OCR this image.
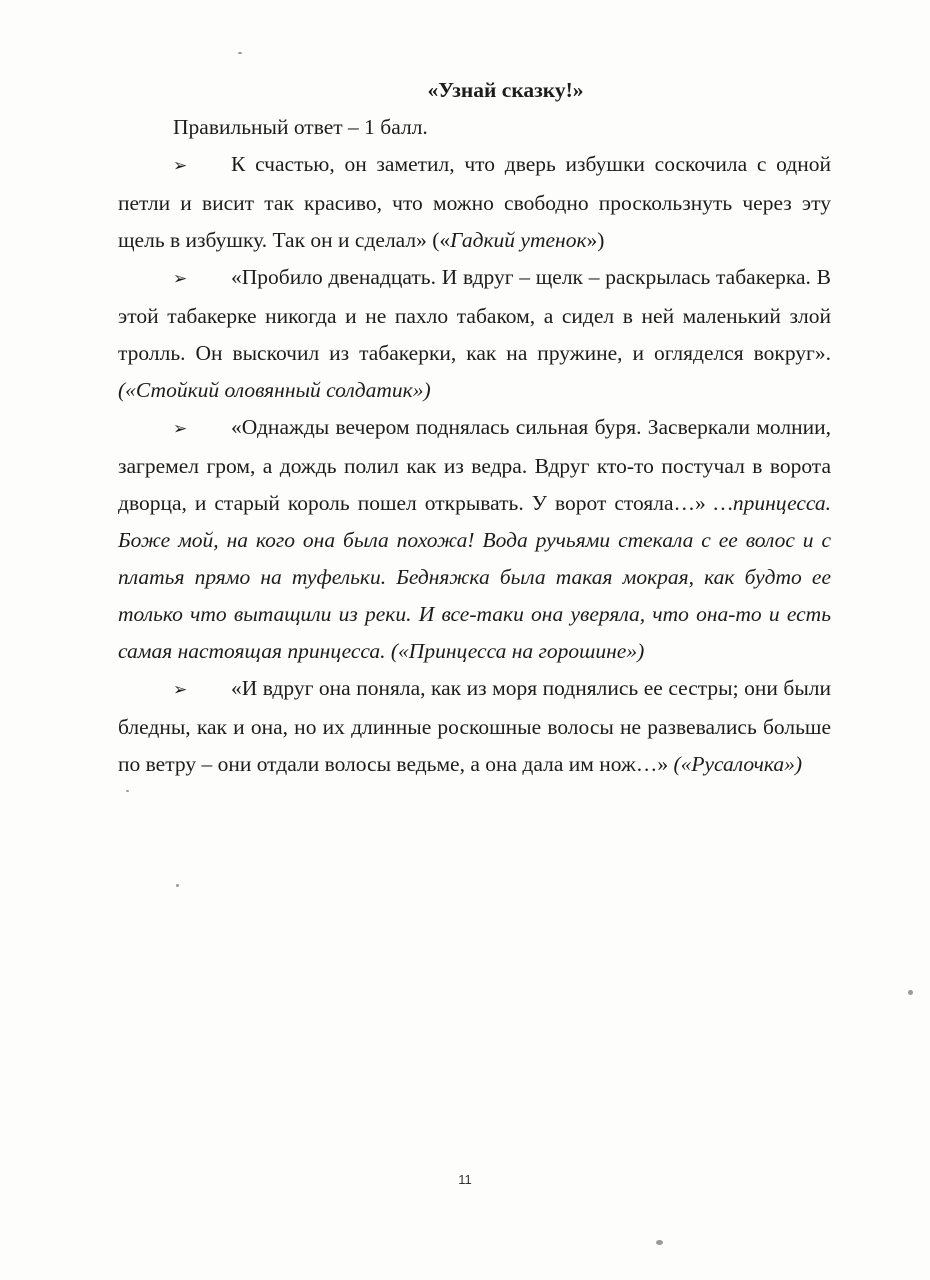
«Узнай сказку!»

Правильный ответ – 1 балл.

➢ К счастью, он заметил, что дверь избушки соскочила с одной петли и висит так красиво, что можно свободно проскользнуть через эту щель в избушку. Так он и сделал» («Гадкий утенок»)

➢ «Пробило двенадцать. И вдруг – щелк – раскрылась табакерка. В этой табакерке никогда и не пахло табаком, а сидел в ней маленький злой тролль. Он выскочил из табакерки, как на пружине, и огляделся вокруг». («Стойкий оловянный солдатик»)

➢ «Однажды вечером поднялась сильная буря. Засверкали молнии, загремел гром, а дождь полил как из ведра. Вдруг кто-то постучал в ворота дворца, и старый король пошел открывать. У ворот стояла…» …принцесса. Боже мой, на кого она была похожа! Вода ручьями стекала с ее волос и с платья прямо на туфельки. Бедняжка была такая мокрая, как будто ее только что вытащили из реки. И все-таки она уверяла, что она-то и есть самая настоящая принцесса. («Принцесса на горошине»)

➢ «И вдруг она поняла, как из моря поднялись ее сестры; они были бледны, как и она, но их длинные роскошные волосы не развевались больше по ветру – они отдали волосы ведьме, а она дала им нож…» («Русалочка»)

11
